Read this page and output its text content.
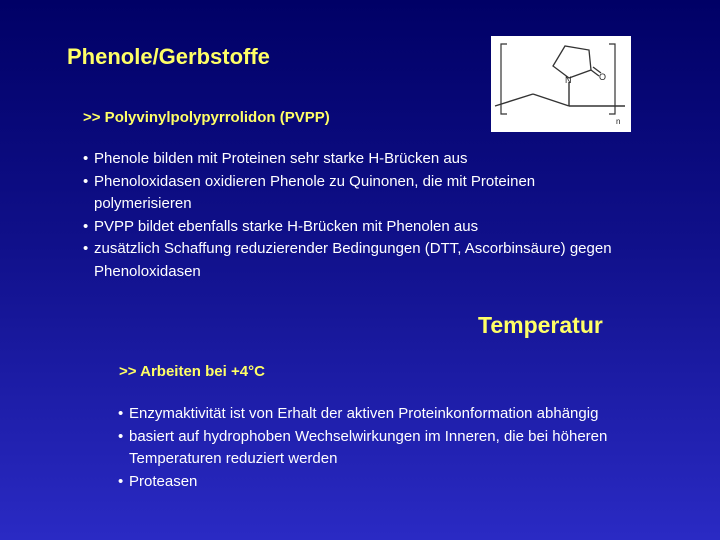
Phenole/Gerbstoffe
N	O
n
>> Polyvinylpolypyrrolidon (PVPP)
• Phenole bilden mit Proteinen sehr starke H-Brücken aus
• Phenoloxidasen oxidieren Phenole zu Quinonen, die mit Proteinen polymerisieren
• PVPP bildet ebenfalls starke H-Brücken mit Phenolen aus
• zusätzlich Schaffung reduzierender Bedingungen (DTT, Ascorbinsäure) gegen Phenoloxidasen
Temperatur
>> Arbeiten bei +4°C
• Enzymaktivität ist von Erhalt der aktiven Proteinkonformation abhängig
• basiert auf hydrophoben Wechselwirkungen im Inneren, die bei höheren Temperaturen reduziert werden
• Proteasen
